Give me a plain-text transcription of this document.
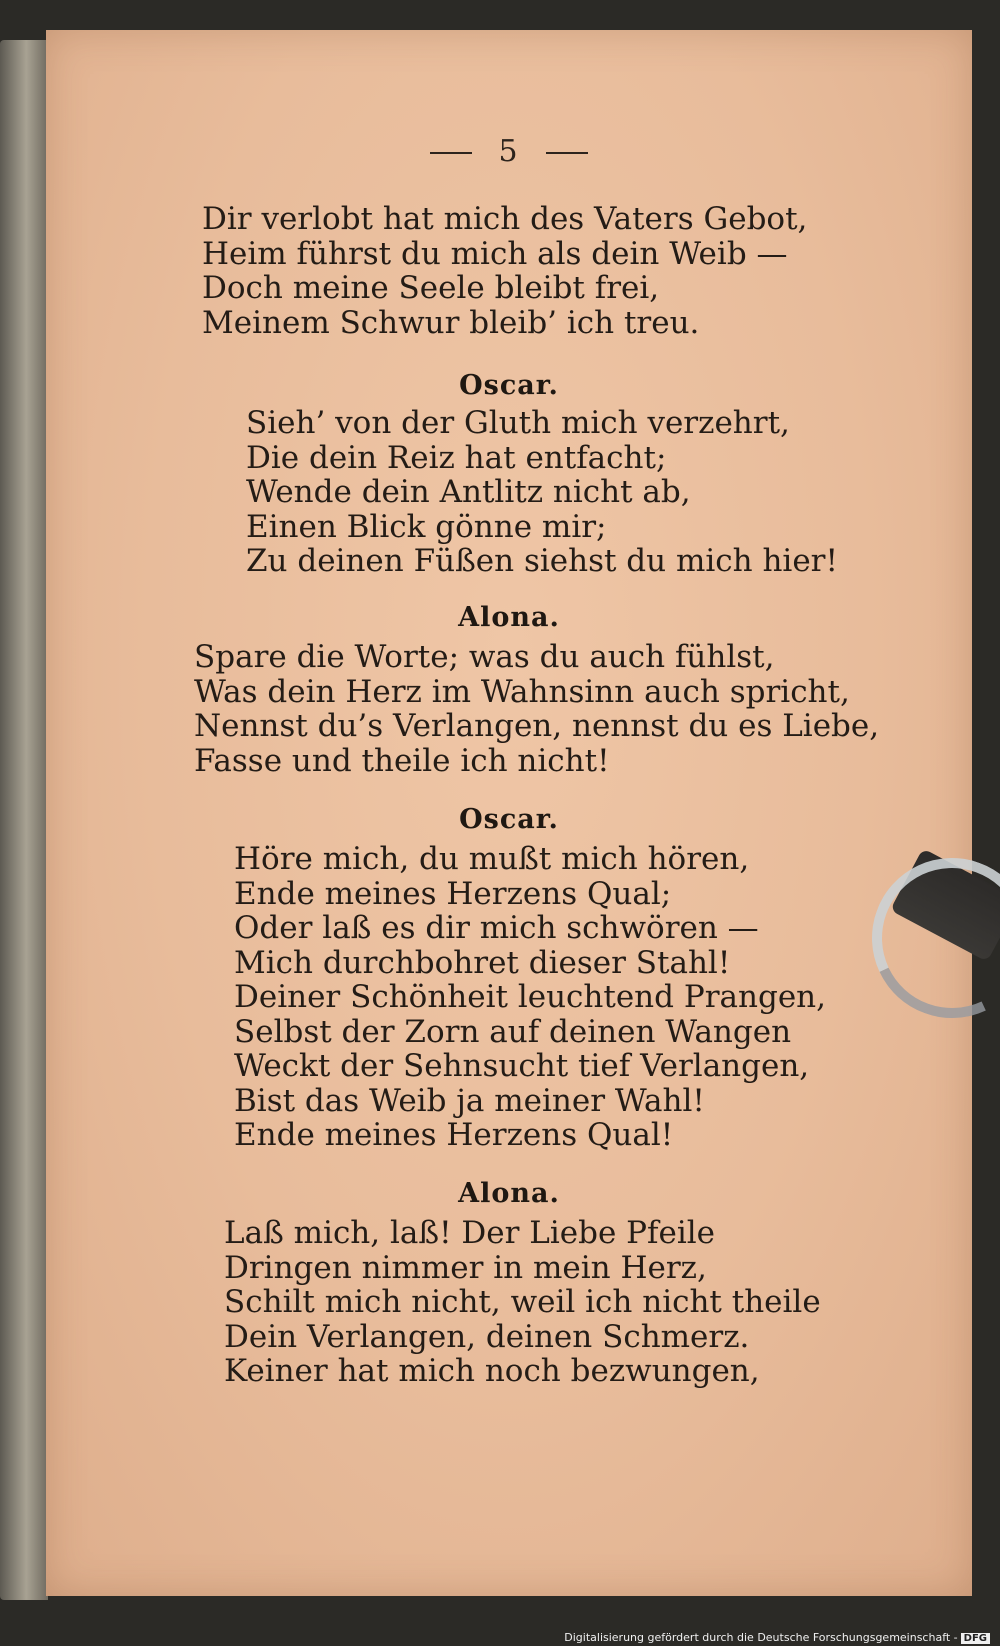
5
Dir verlobt hat mich des Vaters Gebot,
Heim führst du mich als dein Weib —
Doch meine Seele bleibt frei,
Meinem Schwur bleib’ ich treu.
Oscar.
Sieh’ von der Gluth mich verzehrt,
Die dein Reiz hat entfacht;
Wende dein Antlitz nicht ab,
Einen Blick gönne mir;
Zu deinen Füßen siehst du mich hier!
Alona.
Spare die Worte; was du auch fühlst,
Was dein Herz im Wahnsinn auch spricht,
Nennst du’s Verlangen, nennst du es Liebe,
Fasse und theile ich nicht!
Oscar.
Höre mich, du mußt mich hören,
Ende meines Herzens Qual;
Oder laß es dir mich schwören —
Mich durchbohret dieser Stahl!
Deiner Schönheit leuchtend Prangen,
Selbst der Zorn auf deinen Wangen
Weckt der Sehnsucht tief Verlangen,
Bist das Weib ja meiner Wahl!
Ende meines Herzens Qual!
Alona.
Laß mich, laß! Der Liebe Pfeile
Dringen nimmer in mein Herz,
Schilt mich nicht, weil ich nicht theile
Dein Verlangen, deinen Schmerz.
Keiner hat mich noch bezwungen,
Digitalisierung gefördert durch die Deutsche Forschungsgemeinschaft - DFG
